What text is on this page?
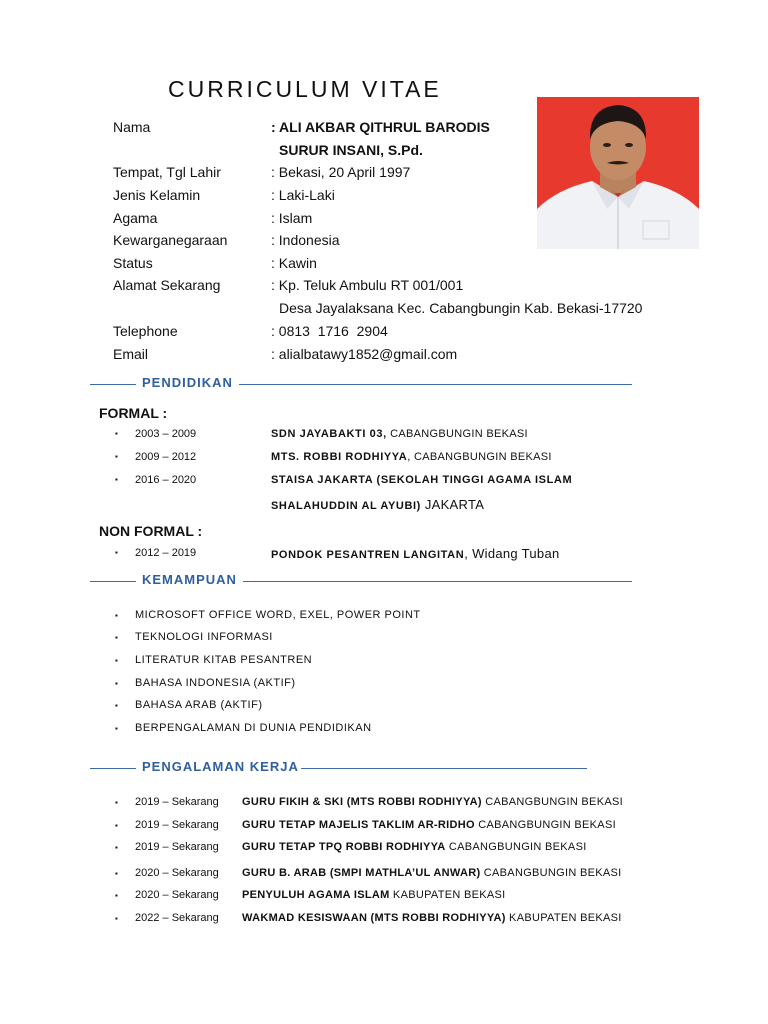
CURRICULUM VITAE
Nama	: ALI AKBAR QITHRUL BARODIS
SURUR INSANI, S.Pd.
Tempat, Tgl Lahir	: Bekasi, 20 April 1997
Jenis Kelamin	: Laki-Laki
Agama	: Islam
Kewarganegaraan	: Indonesia
Status	: Kawin
Alamat Sekarang	: Kp. Teluk Ambulu RT 001/001
Desa Jayalaksana Kec. Cabangbungin Kab. Bekasi-17720
Telephone	: 0813  1716  2904
Email	: alialbatawy1852@gmail.com
PENDIDIKAN
FORMAL :
▪ 2003 – 2009	SDN JAYABAKTI 03, CABANGBUNGIN BEKASI
▪ 2009 – 2012	MTS. ROBBI RODHIYYA, CABANGBUNGIN BEKASI
▪ 2016 – 2020	STAISA JAKARTA (SEKOLAH TINGGI AGAMA ISLAM
SHALAHUDDIN AL AYUBI) JAKARTA
NON FORMAL :
▪ 2012 – 2019	PONDOK PESANTREN LANGITAN, Widang Tuban
KEMAMPUAN
▪ MICROSOFT OFFICE WORD, EXEL, POWER POINT
▪ TEKNOLOGI INFORMASI
▪ LITERATUR KITAB PESANTREN
▪ BAHASA INDONESIA (AKTIF)
▪ BAHASA ARAB (AKTIF)
▪ BERPENGALAMAN DI DUNIA PENDIDIKAN
PENGALAMAN KERJA
▪ 2019 – Sekarang GURU FIKIH & SKI (MTS ROBBI RODHIYYA) CABANGBUNGIN BEKASI
▪ 2019 – Sekarang GURU TETAP MAJELIS TAKLIM AR-RIDHO CABANGBUNGIN BEKASI
▪ 2019 – Sekarang GURU TETAP TPQ ROBBI RODHIYYA CABANGBUNGIN BEKASI
▪ 2020 – Sekarang GURU B. ARAB (SMPI MATHLA’UL ANWAR) CABANGBUNGIN BEKASI
▪ 2020 – Sekarang PENYULUH AGAMA ISLAM KABUPATEN BEKASI
▪ 2022 – Sekarang WAKMAD KESISWAAN (MTS ROBBI RODHIYYA) KABUPATEN BEKASI
